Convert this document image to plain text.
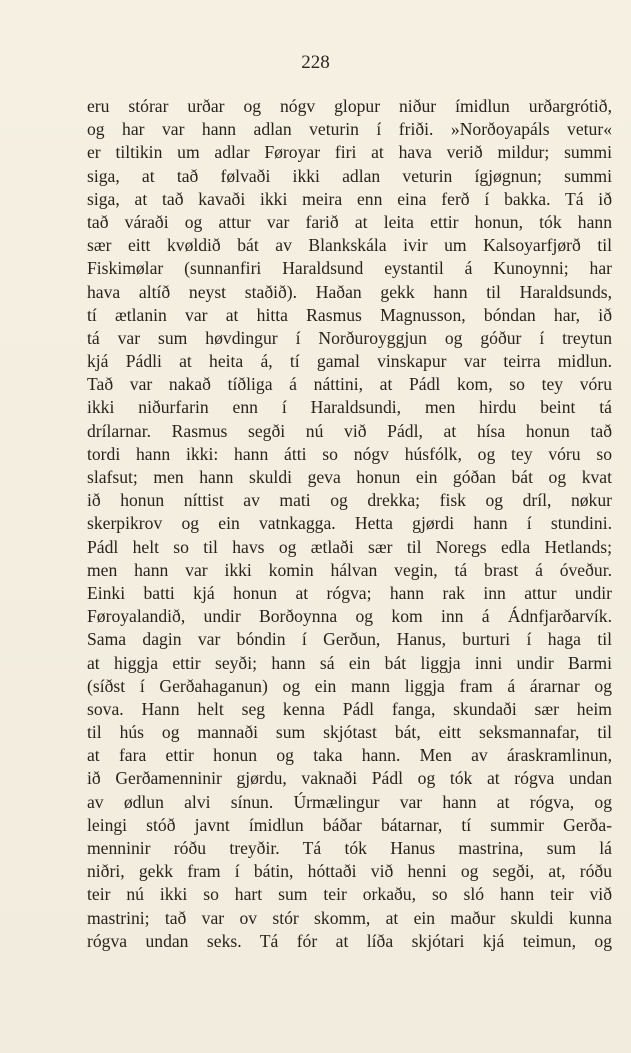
228
eru stórar urðar og nógv glopur niður ímidlun urðargrótið,
og har var hann adlan veturin í friði. »Norðoyapáls vetur«
er tiltikin um adlar Føroyar firi at hava verið mildur; summi
siga, at tað følvaði ikki adlan veturin ígjøgnun; summi
siga, at tað kavaði ikki meira enn eina ferð í bakka. Tá ið
tað váraði og attur var farið at leita ettir honun, tók hann
sær eitt kvøldið bát av Blankskála ivir um Kalsoyarfjørð til
Fiskimølar (sunnanfiri Haraldsund eystantil á Kunoynni; har
hava altíð neyst staðið). Haðan gekk hann til Haraldsunds,
tí ætlanin var at hitta Rasmus Magnusson, bóndan har, ið
tá var sum høvdingur í Norðuroyggjun og góður í treytun
kjá Pádli at heita á, tí gamal vinskapur var teirra midlun.
Tað var nakað tíðliga á náttini, at Pádl kom, so tey vóru
ikki niðurfarin enn í Haraldsundi, men hirdu beint tá
drílarnar. Rasmus segði nú við Pádl, at hísa honun tað
tordi hann ikki: hann átti so nógv húsfólk, og tey vóru so
slafsut; men hann skuldi geva honun ein góðan bát og kvat
ið honun níttist av mati og drekka; fisk og dríl, nøkur
skerpikrov og ein vatnkagga. Hetta gjørdi hann í stundini.
Pádl helt so til havs og ætlaði sær til Noregs edla Hetlands;
men hann var ikki komin hálvan vegin, tá brast á óveður.
Einki batti kjá honun at rógva; hann rak inn attur undir
Føroyalandið, undir Borðoynna og kom inn á Ádnfjarðarvík.
Sama dagin var bóndin í Gerðun, Hanus, burturi í haga til
at higgja ettir seyði; hann sá ein bát liggja inni undir Barmi
(síðst í Gerðahaganun) og ein mann liggja fram á árarnar og
sova. Hann helt seg kenna Pádl fanga, skundaði sær heim
til hús og mannaði sum skjótast bát, eitt seksmannafar, til
at fara ettir honun og taka hann. Men av áraskramlinun,
ið Gerðamenninir gjørdu, vaknaði Pádl og tók at rógva undan
av ødlun alvi sínun. Úrmælingur var hann at rógva, og
leingi stóð javnt ímidlun báðar bátarnar, tí summir Gerða-
menninir róðu treyðir. Tá tók Hanus mastrina, sum lá
niðri, gekk fram í bátin, hóttaði við henni og segði, at, róðu
teir nú ikki so hart sum teir orkaðu, so sló hann teir við
mastrini; tað var ov stór skomm, at ein maður skuldi kunna
rógva undan seks. Tá fór at líða skjótari kjá teimun, og
